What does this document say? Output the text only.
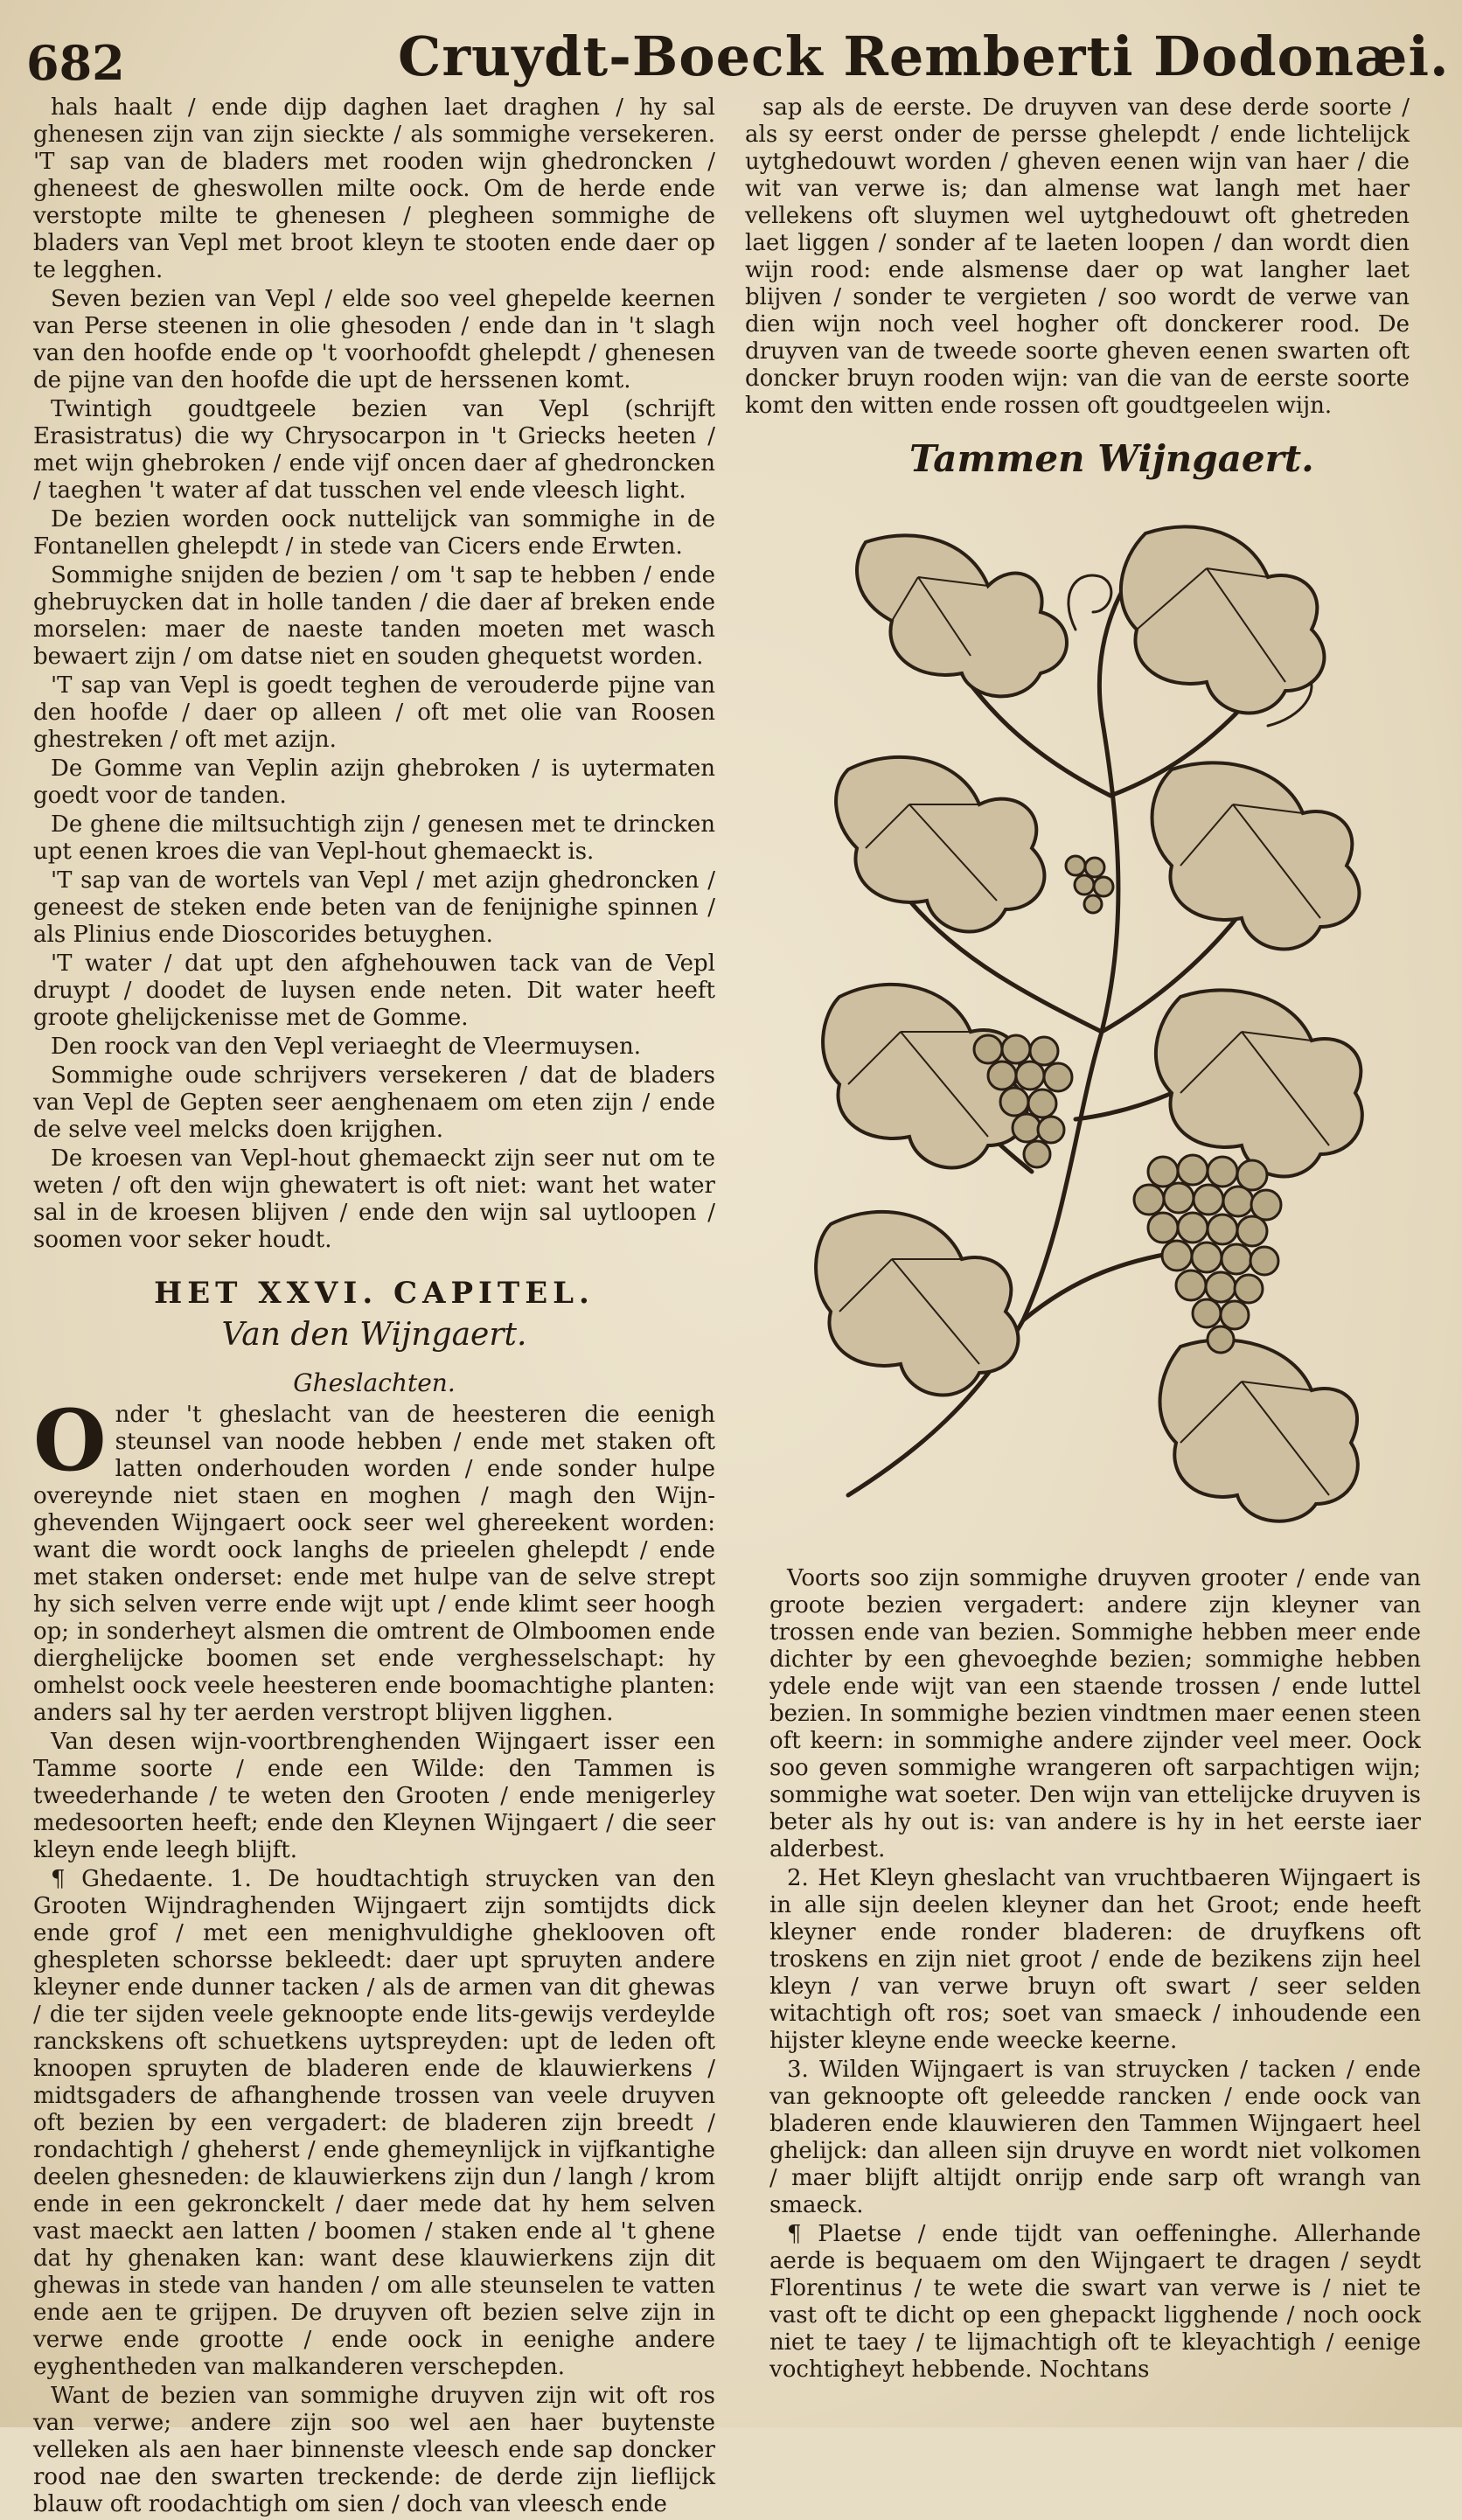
682	Cruydt-Boeck Remberti Dodonæi.

hals haalt / ende dijp daghen laet draghen / hy sal ghenesen zijn van zijn sieckte / als sommighe versekeren. 'T sap van de bladers met rooden wijn ghedroncken / gheneest de gheswollen milte oock. Om de herde ende verstopte milte te ghenesen / plegheen sommighe de bladers van Vepl met broot kleyn te stooten ende daer op te legghen.

Seven bezien van Vepl / elde soo veel ghepelde keernen van Perse steenen in olie ghesoden / ende dan in 't slagh van den hoofde ende op 't voorhoofdt ghelepdt / ghenesen de pijne van den hoofde die upt de herssenen komt.

Twintigh goudtgeele bezien van Vepl (schrijft Erasistratus) die wy Chrysocarpon in 't Griecks heeten / met wijn ghebroken / ende vijf oncen daer af ghedroncken / taeghen 't water af dat tusschen vel ende vleesch light.

De bezien worden oock nuttelijck van sommighe in de Fontanellen ghelepdt / in stede van Cicers ende Erwten.

Sommighe snijden de bezien / om 't sap te hebben / ende ghebruycken dat in holle tanden / die daer af breken ende morselen: maer de naeste tanden moeten met wasch bewaert zijn / om datse niet en souden ghequetst worden.

'T sap van Vepl is goedt teghen de verouderde pijne van den hoofde / daer op alleen / oft met olie van Roosen ghestreken / oft met azijn.

De Gomme van Veplin azijn ghebroken / is uytermaten goedt voor de tanden.

De ghene die miltsuchtigh zijn / genesen met te drincken upt eenen kroes die van Vepl-hout ghemaeckt is.

'T sap van de wortels van Vepl / met azijn ghedroncken / geneest de steken ende beten van de fenijnighe spinnen / als Plinius ende Dioscorides betuyghen.

'T water / dat upt den afghehouwen tack van de Vepl druypt / doodet de luysen ende neten. Dit water heeft groote ghelijckenisse met de Gomme.

Den roock van den Vepl veriaeght de Vleermuysen.

Sommighe oude schrijvers versekeren / dat de bladers van Vepl de Gepten seer aenghenaem om eten zijn / ende de selve veel melcks doen krijghen.

De kroesen van Vepl-hout ghemaeckt zijn seer nut om te weten / oft den wijn ghewatert is oft niet: want het water sal in de kroesen blijven / ende den wijn sal uytloopen / soomen voor seker houdt.

HET XXVI. CAPITEL.
Van den Wijngaert.
Gheslachten.

Onder 't gheslacht van de heesteren die eenigh steunsel van noode hebben / ende met staken oft latten onderhouden worden / ende sonder hulpe overeynde niet staen en moghen / magh den Wijn-ghevenden Wijngaert oock seer wel ghereekent worden: want die wordt oock langhs de prieelen ghelepdt / ende met staken onderset: ende met hulpe van de selve strept hy sich selven verre ende wijt upt / ende klimt seer hoogh op; in sonderheyt alsmen die omtrent de Olmboomen ende dierghelijcke boomen set ende verghesselschapt: hy omhelst oock veele heesteren ende boomachtighe planten: anders sal hy ter aerden verstropt blijven ligghen.

Van desen wijn-voortbrenghenden Wijngaert isser een Tamme soorte / ende een Wilde: den Tammen is tweederhande / te weten den Grooten / ende menigerley medesoorten heeft; ende den Kleynen Wijngaert / die seer kleyn ende leegh blijft.

¶ Ghedaente. 1. De houdtachtigh struycken van den Grooten Wijndraghenden Wijngaert zijn somtijdts dick ende grof / met een menighvuldighe gheklooven oft ghespleten schorsse bekleedt: daer upt spruyten andere kleyner ende dunner tacken / als de armen van dit ghewas / die ter sijden veele geknoopte ende lits-gewijs verdeylde ranckskens oft schuetkens uytspreyden: upt de leden oft knoopen spruyten de bladeren ende de klauwierkens / midtsgaders de afhanghende trossen van veele druyven oft bezien by een vergadert: de bladeren zijn breedt / rondachtigh / gheherst / ende ghemeynlijck in vijfkantighe deelen ghesneden: de klauwierkens zijn dun / langh / krom ende in een gekronckelt / daer mede dat hy hem selven vast maeckt aen latten / boomen / staken ende al 't ghene dat hy ghenaken kan: want dese klauwierkens zijn dit ghewas in stede van handen / om alle steunselen te vatten ende aen te grijpen. De druyven oft bezien selve zijn in verwe ende grootte / ende oock in eenighe andere eyghentheden van malkanderen verschepden.

Want de bezien van sommighe druyven zijn wit oft ros van verwe; andere zijn soo wel aen haer buytenste velleken als aen haer binnenste vleesch ende sap doncker rood nae den swarten treckende: de derde zijn lieflijck blauw oft roodachtigh om sien / doch van vleesch ende

sap als de eerste. De druyven van dese derde soorte / als sy eerst onder de persse ghelepdt / ende lichtelijck uytghedouwt worden / gheven eenen wijn van haer / die wit van verwe is; dan almense wat langh met haer vellekens oft sluymen wel uytghedouwt oft ghetreden laet liggen / sonder af te laeten loopen / dan wordt dien wijn rood: ende alsmense daer op wat langher laet blijven / sonder te vergieten / soo wordt de verwe van dien wijn noch veel hogher oft donckerer rood. De druyven van de tweede soorte gheven eenen swarten oft doncker bruyn rooden wijn: van die van de eerste soorte komt den witten ende rossen oft goudtgeelen wijn.

Tammen Wijngaert.

Voorts soo zijn sommighe druyven grooter / ende van groote bezien vergadert: andere zijn kleyner van trossen ende van bezien. Sommighe hebben meer ende dichter by een ghevoeghde bezien; sommighe hebben ydele ende wijt van een staende trossen / ende luttel bezien. In sommighe bezien vindtmen maer eenen steen oft keern: in sommighe andere zijnder veel meer. Oock soo geven sommighe wrangeren oft sarpachtigen wijn; sommighe wat soeter. Den wijn van ettelijcke druyven is beter als hy out is: van andere is hy in het eerste iaer alderbest.

2. Het Kleyn gheslacht van vruchtbaeren Wijngaert is in alle sijn deelen kleyner dan het Groot; ende heeft kleyner ende ronder bladeren: de druyfkens oft troskens en zijn niet groot / ende de bezikens zijn heel kleyn / van verwe bruyn oft swart / seer selden witachtigh oft ros; soet van smaeck / inhoudende een hijster kleyne ende weecke keerne.

3. Wilden Wijngaert is van struycken / tacken / ende van geknoopte oft geleedde rancken / ende oock van bladeren ende klauwieren den Tammen Wijngaert heel ghelijck: dan alleen sijn druyve en wordt niet volkomen / maer blijft altijdt onrijp ende sarp oft wrangh van smaeck.

¶ Plaetse / ende tijdt van oeffeninghe. Allerhande aerde is bequaem om den Wijngaert te dragen / seydt Florentinus / te wete die swart van verwe is / niet te vast oft te dicht op een ghepackt ligghende / noch oock niet te taey / te lijmachtigh oft te kleyachtigh / eenige vochtigheyt hebbende. Nochtans
